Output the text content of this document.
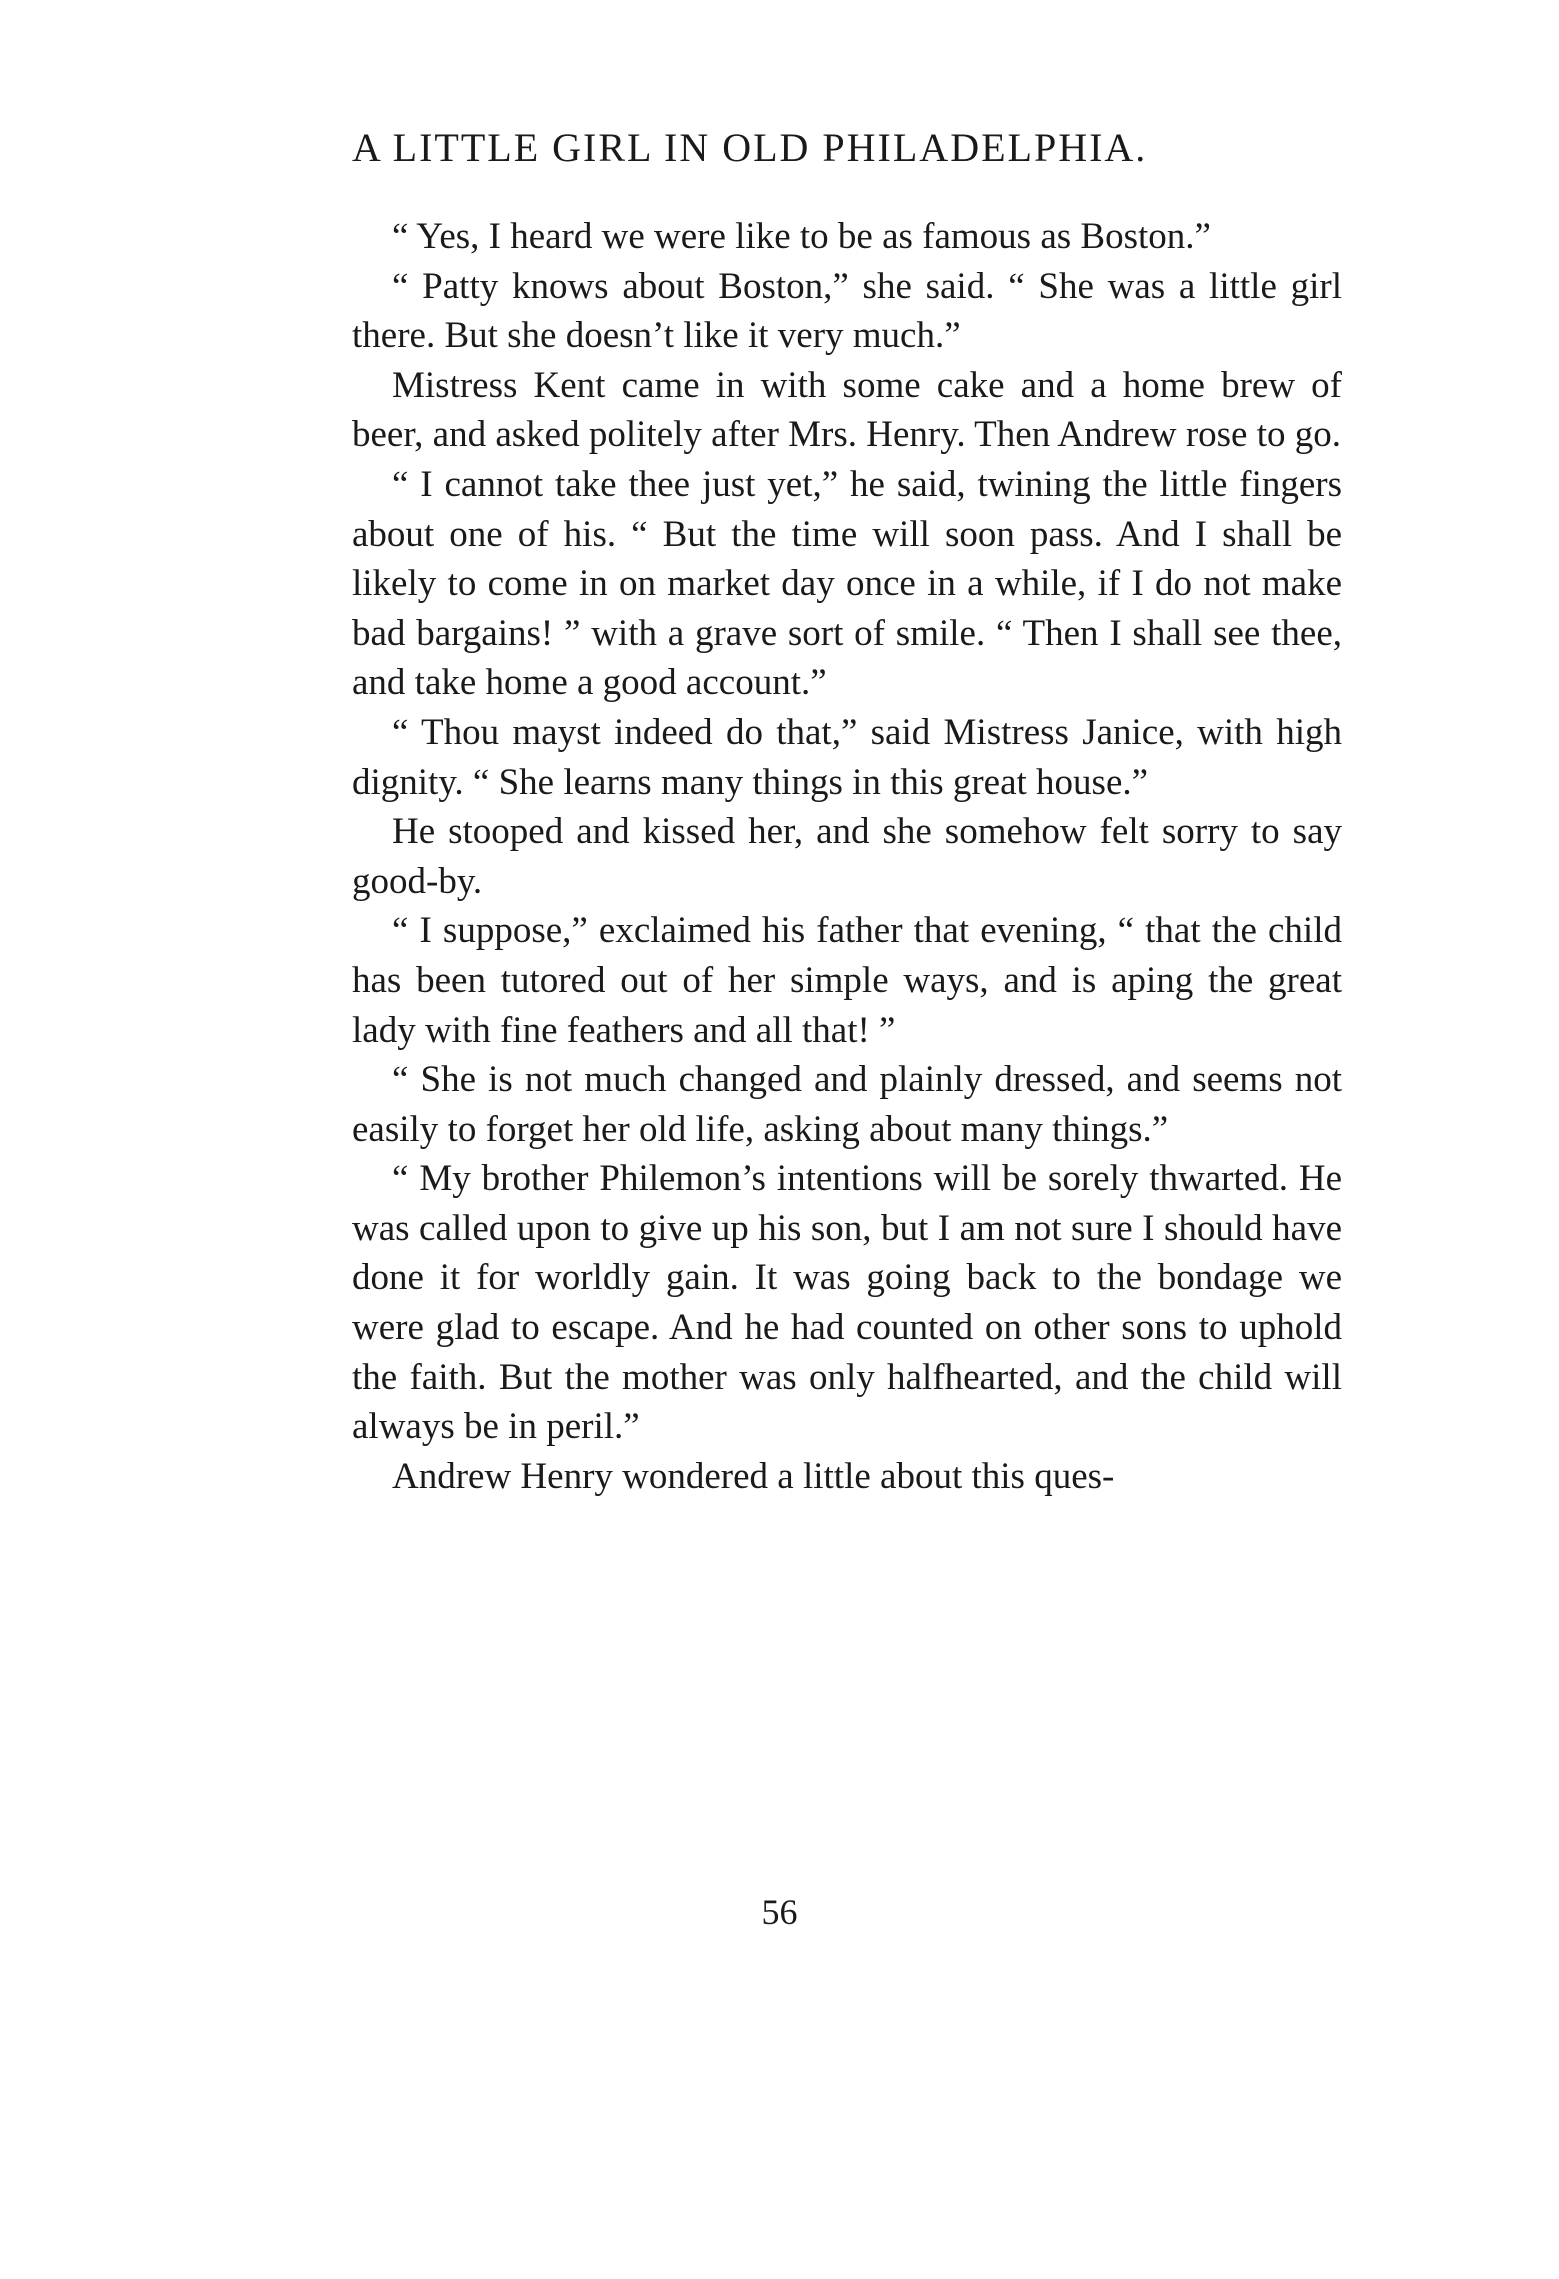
A LITTLE GIRL IN OLD PHILADELPHIA.

“ Yes, I heard we were like to be as famous as Boston.”

“ Patty knows about Boston,” she said. “ She was a little girl there. But she doesn’t like it very much.”

Mistress Kent came in with some cake and a home brew of beer, and asked politely after Mrs. Henry. Then Andrew rose to go.

“ I cannot take thee just yet,” he said, twining the little fingers about one of his. “ But the time will soon pass. And I shall be likely to come in on market day once in a while, if I do not make bad bargains! ” with a grave sort of smile. “ Then I shall see thee, and take home a good account.”

“ Thou mayst indeed do that,” said Mistress Janice, with high dignity. “ She learns many things in this great house.”

He stooped and kissed her, and she somehow felt sorry to say good-by.

“ I suppose,” exclaimed his father that evening, “ that the child has been tutored out of her simple ways, and is aping the great lady with fine feathers and all that! ”

“ She is not much changed and plainly dressed, and seems not easily to forget her old life, asking about many things.”

“ My brother Philemon’s intentions will be sorely thwarted. He was called upon to give up his son, but I am not sure I should have done it for worldly gain. It was going back to the bondage we were glad to escape. And he had counted on other sons to uphold the faith. But the mother was only halfhearted, and the child will always be in peril.”

Andrew Henry wondered a little about this ques-

56
